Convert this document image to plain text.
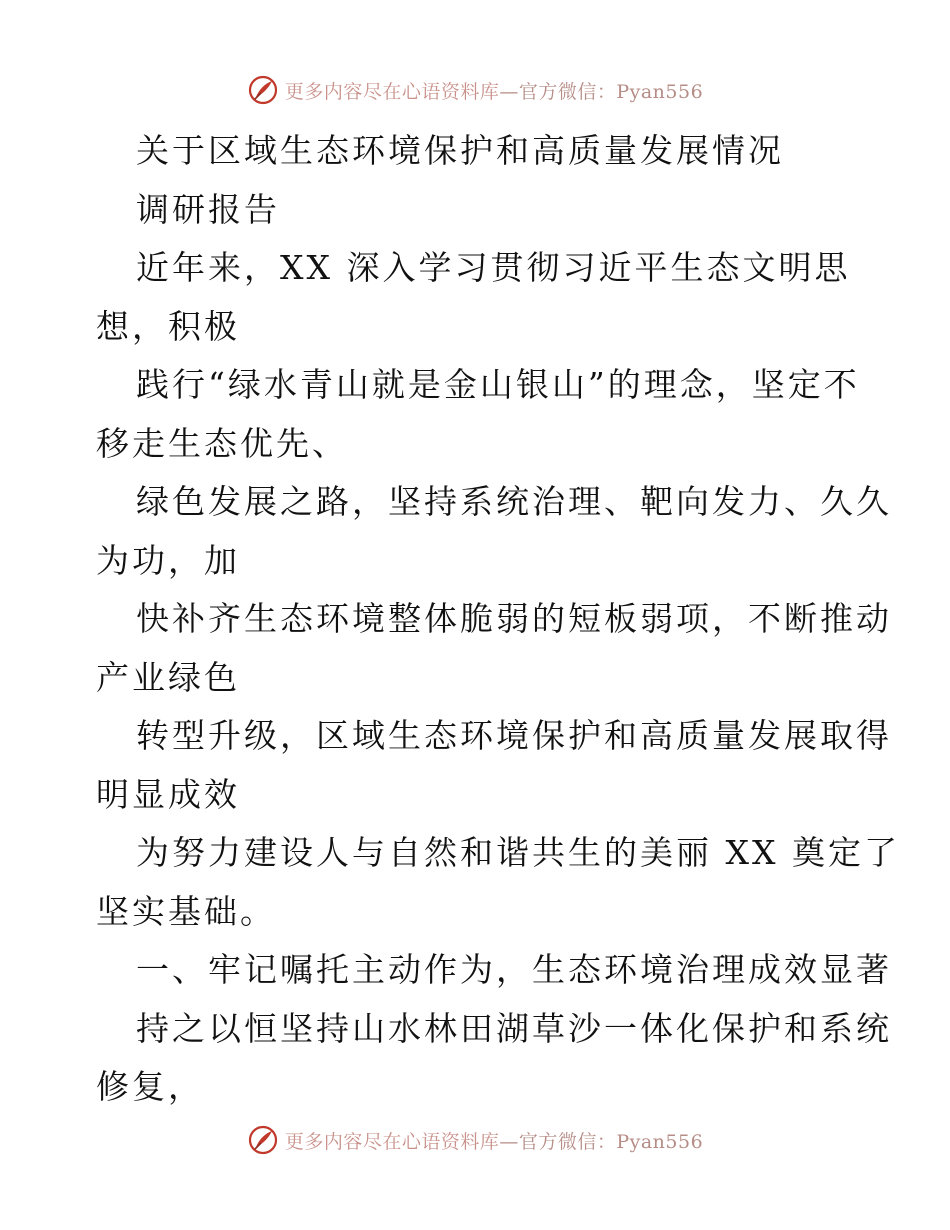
更多内容尽在心语资料库—官方微信：Pyan556
关于区域生态环境保护和高质量发展情况
调研报告
近年来，XX 深入学习贯彻习近平生态文明思
想，积极
践行“绿水青山就是金山银山”的理念，坚定不
移走生态优先、
绿色发展之路，坚持系统治理、靶向发力、久久
为功，加
快补齐生态环境整体脆弱的短板弱项，不断推动
产业绿色
转型升级，区域生态环境保护和高质量发展取得
明显成效
为努力建设人与自然和谐共生的美丽 XX 奠定了
坚实基础。
一、牢记嘱托主动作为，生态环境治理成效显著
持之以恒坚持山水林田湖草沙一体化保护和系统
修复，
更多内容尽在心语资料库—官方微信：Pyan556
